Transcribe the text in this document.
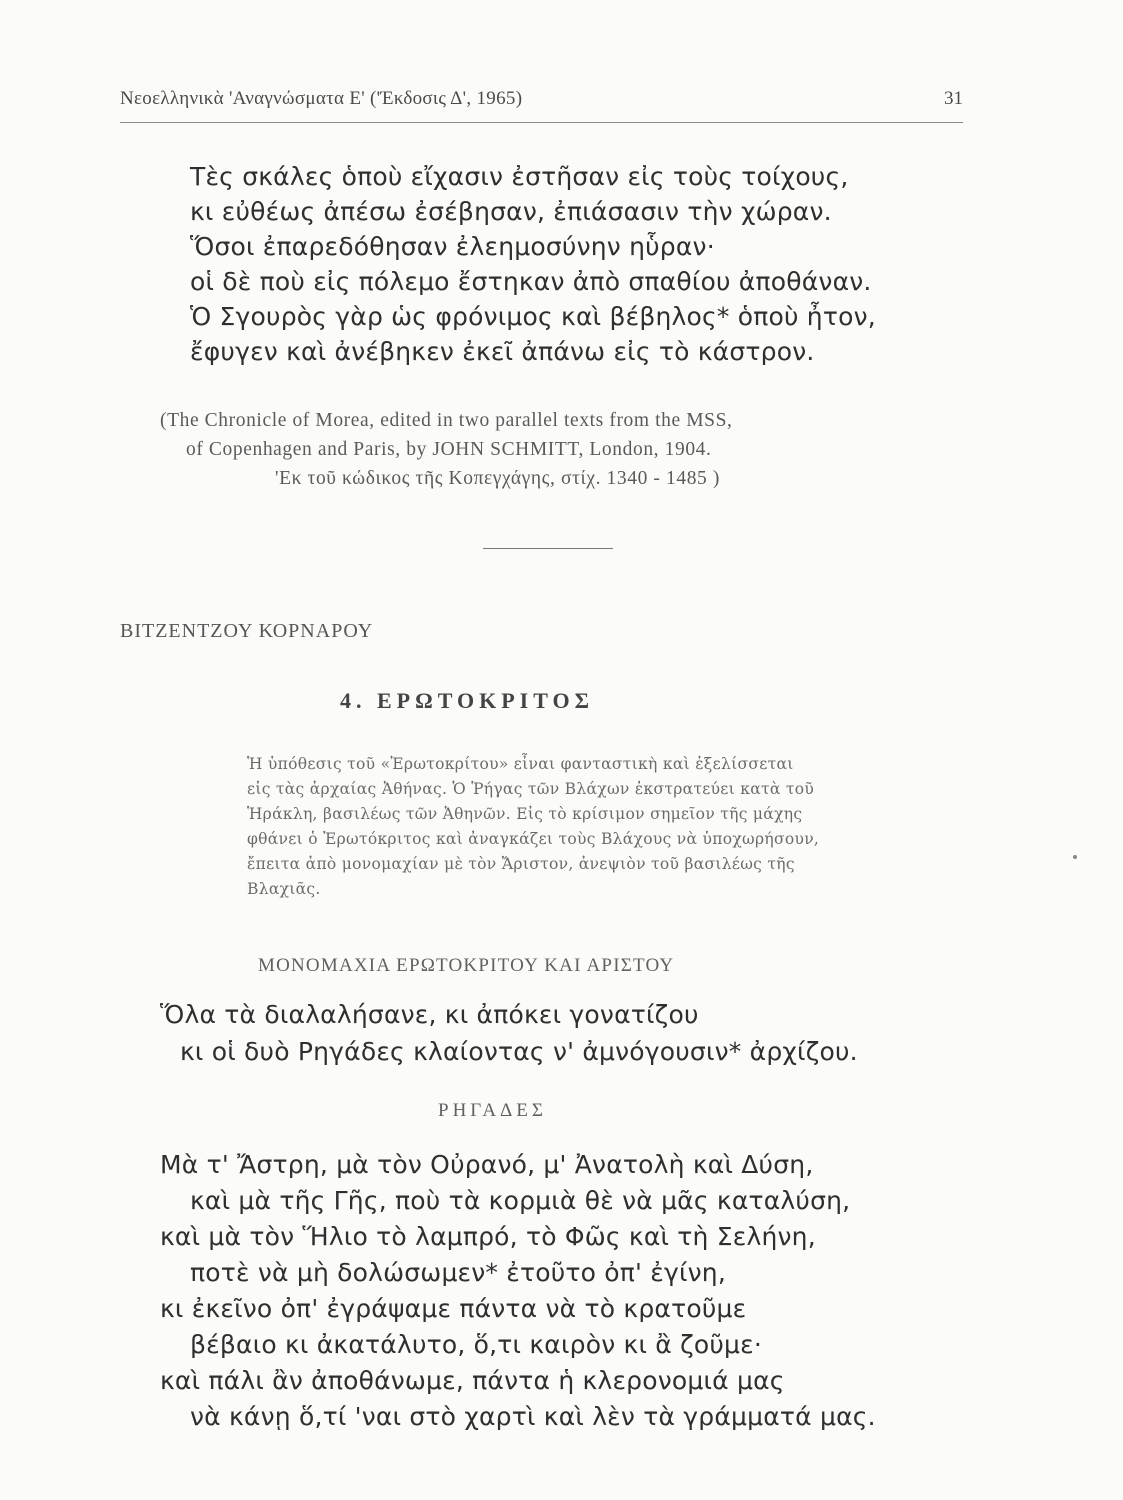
Νεοελληνικὰ 'Αναγνώσματα Ε' ('Έκδοσις Δ', 1965)	31
Τὲς σκάλες ὁποὺ εἴχασιν ἐστῆσαν εἰς τοὺς τοίχους,
κι εὐθέως ἀπέσω ἐσέβησαν, ἐπιάσασιν τὴν χώραν.
Ὅσοι ἐπαρεδόθησαν ἐλεημοσύνην ηὗραν·
οἱ δὲ ποὺ εἰς πόλεμο ἔστηκαν ἀπὸ σπαθίου ἀποθάναν.
Ὁ Σγουρὸς γὰρ ὡς φρόνιμος καὶ βέβηλος* ὁποὺ ἦτον,
ἔφυγεν καὶ ἀνέβηκεν ἐκεῖ ἀπάνω εἰς τὸ κάστρον.
(The Chronicle of Morea, edited in two parallel texts from the MSS,
of Copenhagen and Paris, by JOHN SCHMITT, London, 1904.
'Εκ τοῦ κώδικος τῆς Κοπεγχάγης, στίχ. 1340 - 1485 )
ΒΙΤΖΕΝΤΖΟΥ ΚΟΡΝΑΡΟΥ
4. ΕΡΩΤΟΚΡΙΤΟΣ
Ἡ ὑπόθεσις τοῦ «Ἐρωτοκρίτου» εἶναι φανταστικὴ καὶ ἐξελίσσεται
εἰς τὰς ἀρχαίας Ἀθήνας. Ὁ Ῥήγας τῶν Βλάχων ἐκστρατεύει κατὰ τοῦ
Ἡράκλη, βασιλέως τῶν Ἀθηνῶν. Εἰς τὸ κρίσιμον σημεῖον τῆς μάχης
φθάνει ὁ Ἐρωτόκριτος καὶ ἀναγκάζει τοὺς Βλάχους νὰ ὑποχωρήσουν,
ἔπειτα ἀπὸ μονομαχίαν μὲ τὸν Ἄριστον, ἀνεψιὸν τοῦ βασιλέως τῆς
Βλαχιᾶς.
ΜΟΝΟΜΑΧΙΑ ΕΡΩΤΟΚΡΙΤΟΥ ΚΑΙ ΑΡΙΣΤΟΥ
Ὅλα τὰ διαλαλήσανε, κι ἀπόκει γονατίζου
κι οἱ δυὸ Ρηγάδες κλαίοντας ν' ἀμνόγουσιν* ἀρχίζου.
ΡΗΓΑΔΕΣ
Μὰ τ' Ἄστρη, μὰ τὸν Οὐρανό, μ' Ἀνατολὴ καὶ Δύση,
καὶ μὰ τῆς Γῆς, ποὺ τὰ κορμιὰ θὲ νὰ μᾶς καταλύση,
καὶ μὰ τὸν Ἥλιο τὸ λαμπρό, τὸ Φῶς καὶ τὴ Σελήνη,
ποτὲ νὰ μὴ δολώσωμεν* ἐτοῦτο ὀπ' ἐγίνη,
κι ἐκεῖνο ὀπ' ἐγράψαμε πάντα νὰ τὸ κρατοῦμε
βέβαιο κι ἀκατάλυτο, ὅ,τι καιρὸν κι ἂ ζοῦμε·
καὶ πάλι ἂν ἀποθάνωμε, πάντα ἡ κλερονομιά μας
νὰ κάνῃ ὅ,τί 'ναι στὸ χαρτὶ καὶ λὲν τὰ γράμματά μας.
